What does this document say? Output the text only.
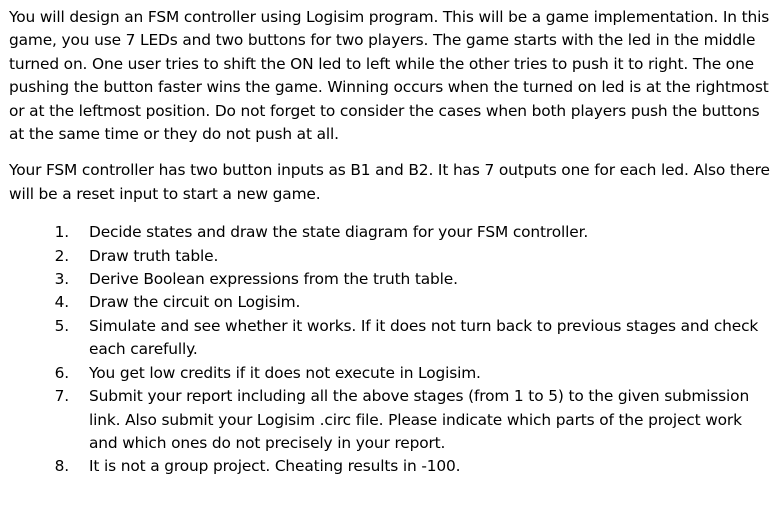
You will design an FSM controller using Logisim program. This will be a game implementation. In this game, you use 7 LEDs and two buttons for two players. The game starts with the led in the middle turned on. One user tries to shift the ON led to left while the other tries to push it to right. The one pushing the button faster wins the game. Winning occurs when the turned on led is at the rightmost or at the leftmost position. Do not forget to consider the cases when both players push the buttons at the same time or they do not push at all.

Your FSM controller has two button inputs as B1 and B2. It has 7 outputs one for each led. Also there will be a reset input to start a new game.

1.	Decide states and draw the state diagram for your FSM controller.
2.	Draw truth table.
3.	Derive Boolean expressions from the truth table.
4.	Draw the circuit on Logisim.
5.	Simulate and see whether it works. If it does not turn back to previous stages and check each carefully.
6.	You get low credits if it does not execute in Logisim.
7.	Submit your report including all the above stages (from 1 to 5) to the given submission link. Also submit your Logisim .circ file. Please indicate which parts of the project work and which ones do not precisely in your report.
8.	It is not a group project. Cheating results in -100.
